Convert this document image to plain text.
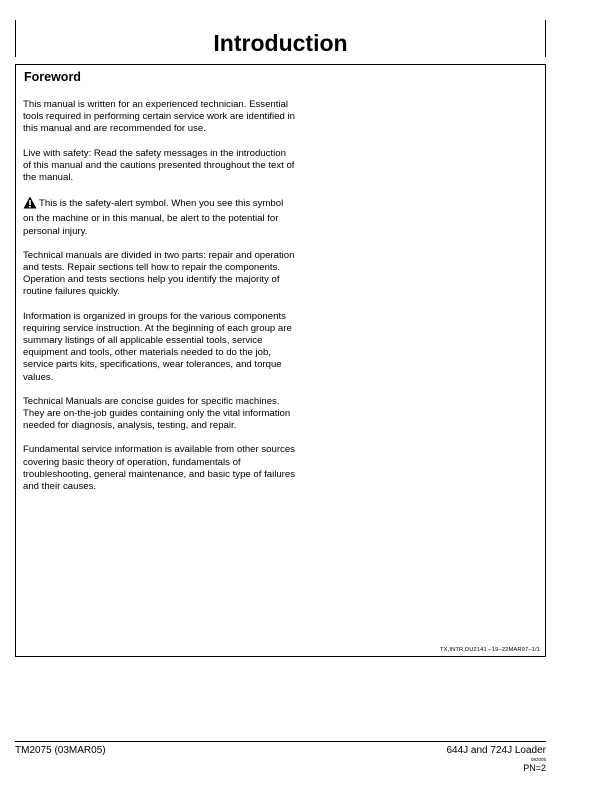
Introduction
Foreword

This manual is written for an experienced technician. Essential tools required in performing certain service work are identified in this manual and are recommended for use.

Live with safety: Read the safety messages in the introduction of this manual and the cautions presented throughout the text of the manual.

This is the safety-alert symbol. When you see this symbol on the machine or in this manual, be alert to the potential for personal injury.

Technical manuals are divided in two parts: repair and operation and tests. Repair sections tell how to repair the components. Operation and tests sections help you identify the majority of routine failures quickly.

Information is organized in groups for the various components requiring service instruction. At the beginning of each group are summary listings of all applicable essential tools, service equipment and tools, other materials needed to do the job, service parts kits, specifications, wear tolerances, and torque values.

Technical Manuals are concise guides for specific machines. They are on-the-job guides containing only the vital information needed for diagnosis, analysis, testing, and repair.

Fundamental service information is available from other sources covering basic theory of operation, fundamentals of troubleshooting, general maintenance, and basic type of failures and their causes.

TX,INTR,DU2141 –19–22MAR97–1/1
TM2075 (03MAR05)	644J and 724J Loader
092005
PN=2
